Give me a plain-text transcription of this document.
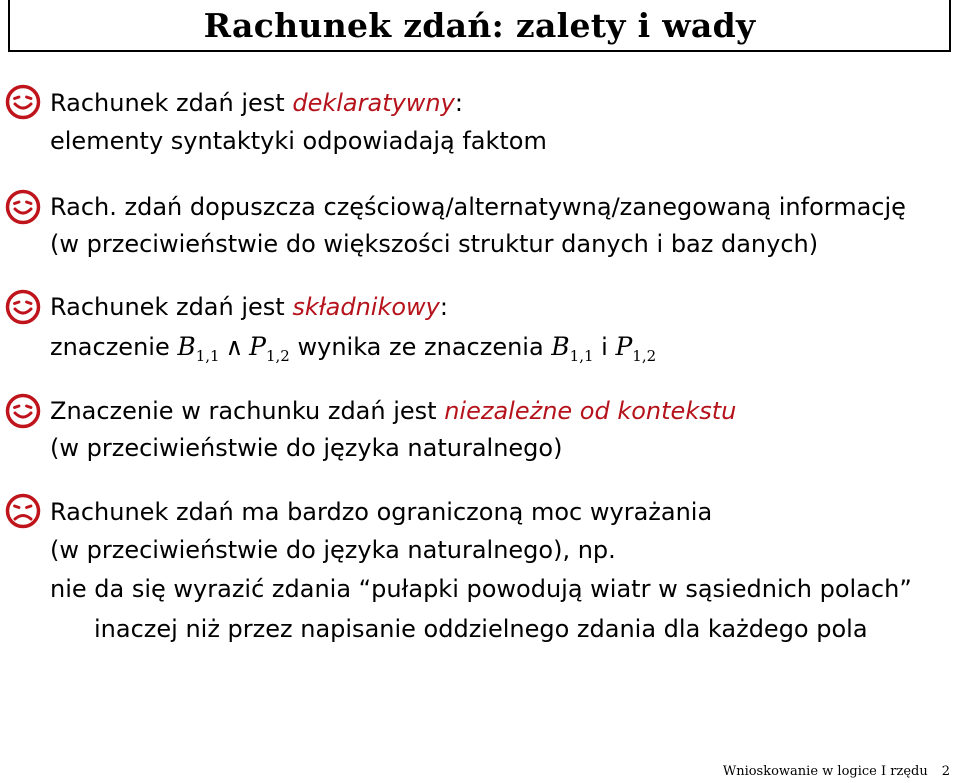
Rachunek zdań: zalety i wady
Rachunek zdań jest deklaratywny:
elementy syntaktyki odpowiadają faktom
Rach. zdań dopuszcza częściową/alternatywną/zanegowaną informację
(w przeciwieństwie do większości struktur danych i baz danych)
Rachunek zdań jest składnikowy:
znaczenie $B_{1,1}$ ∧ $P_{1,2}$ wynika ze znaczenia $B_{1,1}$ i $P_{1,2}$
Znaczenie w rachunku zdań jest niezależne od kontekstu
(w przeciwieństwie do języka naturalnego)
Rachunek zdań ma bardzo ograniczoną moc wyrażania
(w przeciwieństwie do języka naturalnego), np.
nie da się wyrazić zdania “pułapki powodują wiatr w sąsiednich polach”
inaczej niż przez napisanie oddzielnego zdania dla każdego pola
Wnioskowanie w logice I rzędu 2
